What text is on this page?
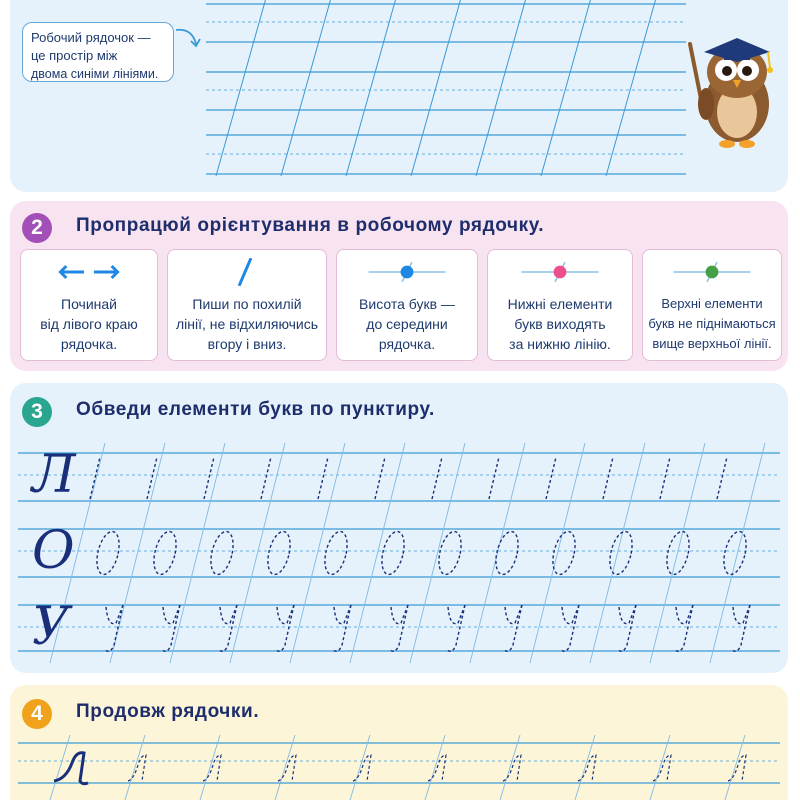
Робочий рядочок —
це простір між
двома синіми лініями.
2	Пропрацюй орієнтування в робочому рядочку.
Починай
від лівого краю
рядочка.
Пиши по похилій
лінії, не відхиляючись
вгору і вниз.
Висота букв —
до середини
рядочка.
Нижні елементи
букв виходять
за нижню лінію.
Верхні елементи
букв не піднімаються
вище верхньої лінії.
3	Обведи елементи букв по пунктиру.
Л
О
У
4	Продовж рядочки.
